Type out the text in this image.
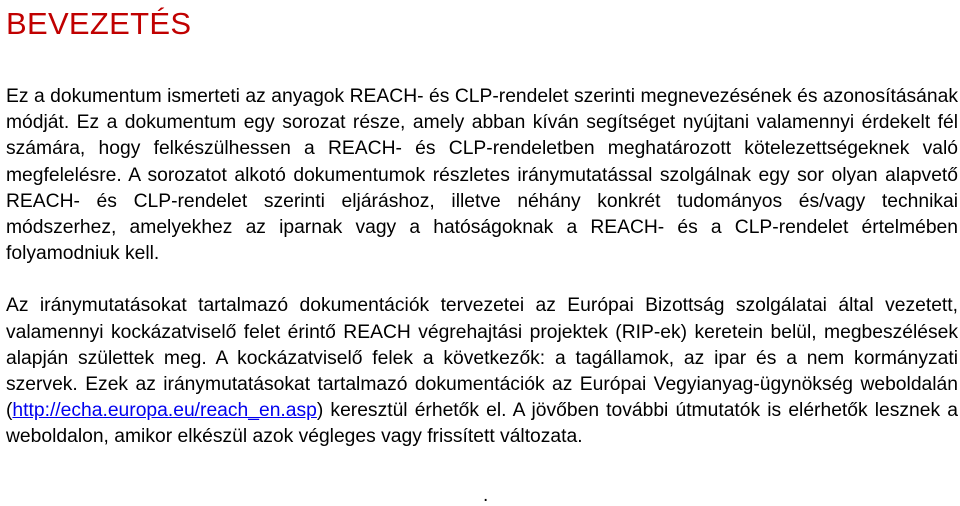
BEVEZETÉS

Ez a dokumentum ismerteti az anyagok REACH- és CLP-rendelet szerinti megnevezésének és azonosításának módját. Ez a dokumentum egy sorozat része, amely abban kíván segítséget nyújtani valamennyi érdekelt fél számára, hogy felkészülhessen a REACH- és CLP-rendeletben meghatározott kötelezettségeknek való megfelelésre. A sorozatot alkotó dokumentumok részletes iránymutatással szolgálnak egy sor olyan alapvető REACH- és CLP-rendelet szerinti eljáráshoz, illetve néhány konkrét tudományos és/vagy technikai módszerhez, amelyekhez az iparnak vagy a hatóságoknak a REACH- és a CLP-rendelet értelmében folyamodniuk kell.

Az iránymutatásokat tartalmazó dokumentációk tervezetei az Európai Bizottság szolgálatai által vezetett, valamennyi kockázatviselő felet érintő REACH végrehajtási projektek (RIP-ek) keretein belül, megbeszélések alapján születtek meg. A kockázatviselő felek a következők: a tagállamok, az ipar és a nem kormányzati szervek. Ezek az iránymutatásokat tartalmazó dokumentációk az Európai Vegyianyag-ügynökség weboldalán (http://echa.europa.eu/reach_en.asp) keresztül érhetők el. A jövőben további útmutatók is elérhetők lesznek a weboldalon, amikor elkészül azok végleges vagy frissített változata.

.
